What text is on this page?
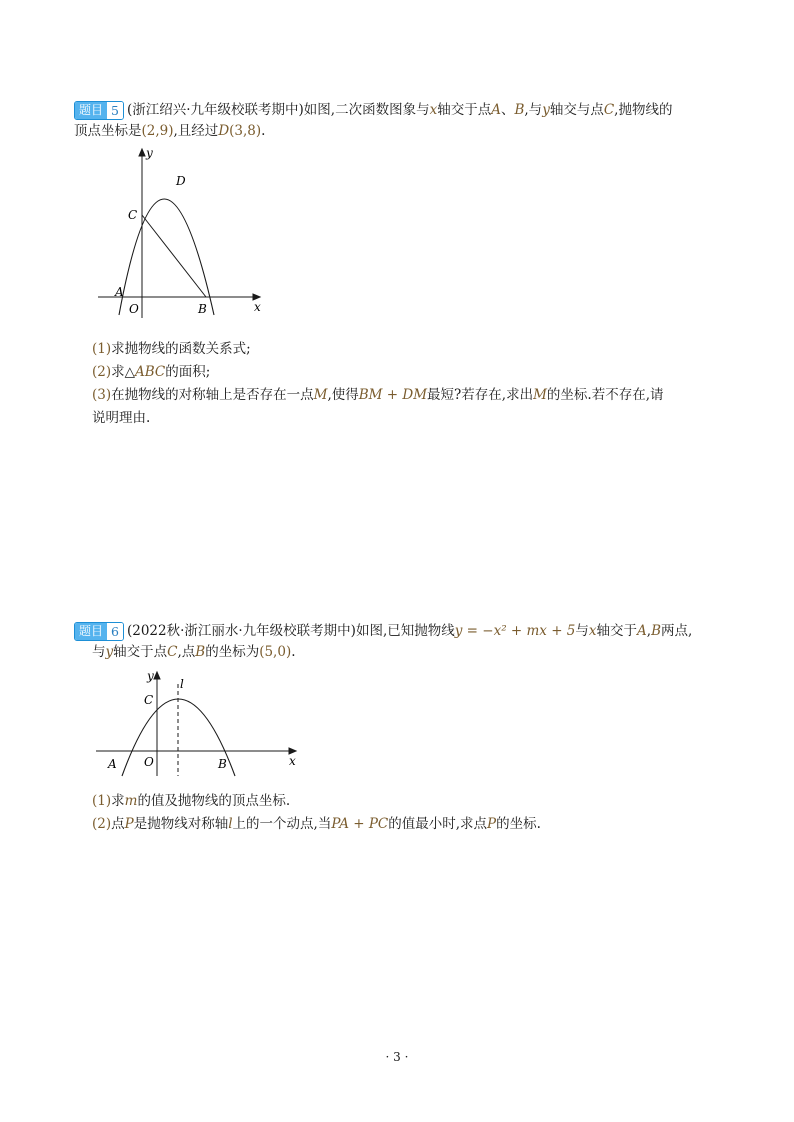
题目 5 (浙江绍兴·九年级校联考期中)如图,二次函数图象与x轴交于点A、B,与y轴交与点C,抛物线的
顶点坐标是(2,9),且经过D(3,8).
y
x
O
A
B
C
D
(1)求抛物线的函数关系式;
(2)求△ABC的面积;
(3)在抛物线的对称轴上是否存在一点M,使得BM + DM最短?若存在,求出M的坐标.若不存在,请
说明理由.
题目 6 (2022秋·浙江丽水·九年级校联考期中)如图,已知抛物线y = −x² + mx + 5与x轴交于A,B两点,
与y轴交于点C,点B的坐标为(5,0).
y
x
O
A	B
C
l
(1)求m的值及抛物线的顶点坐标.
(2)点P是抛物线对称轴l上的一个动点,当PA + PC的值最小时,求点P的坐标.
· 3 ·
